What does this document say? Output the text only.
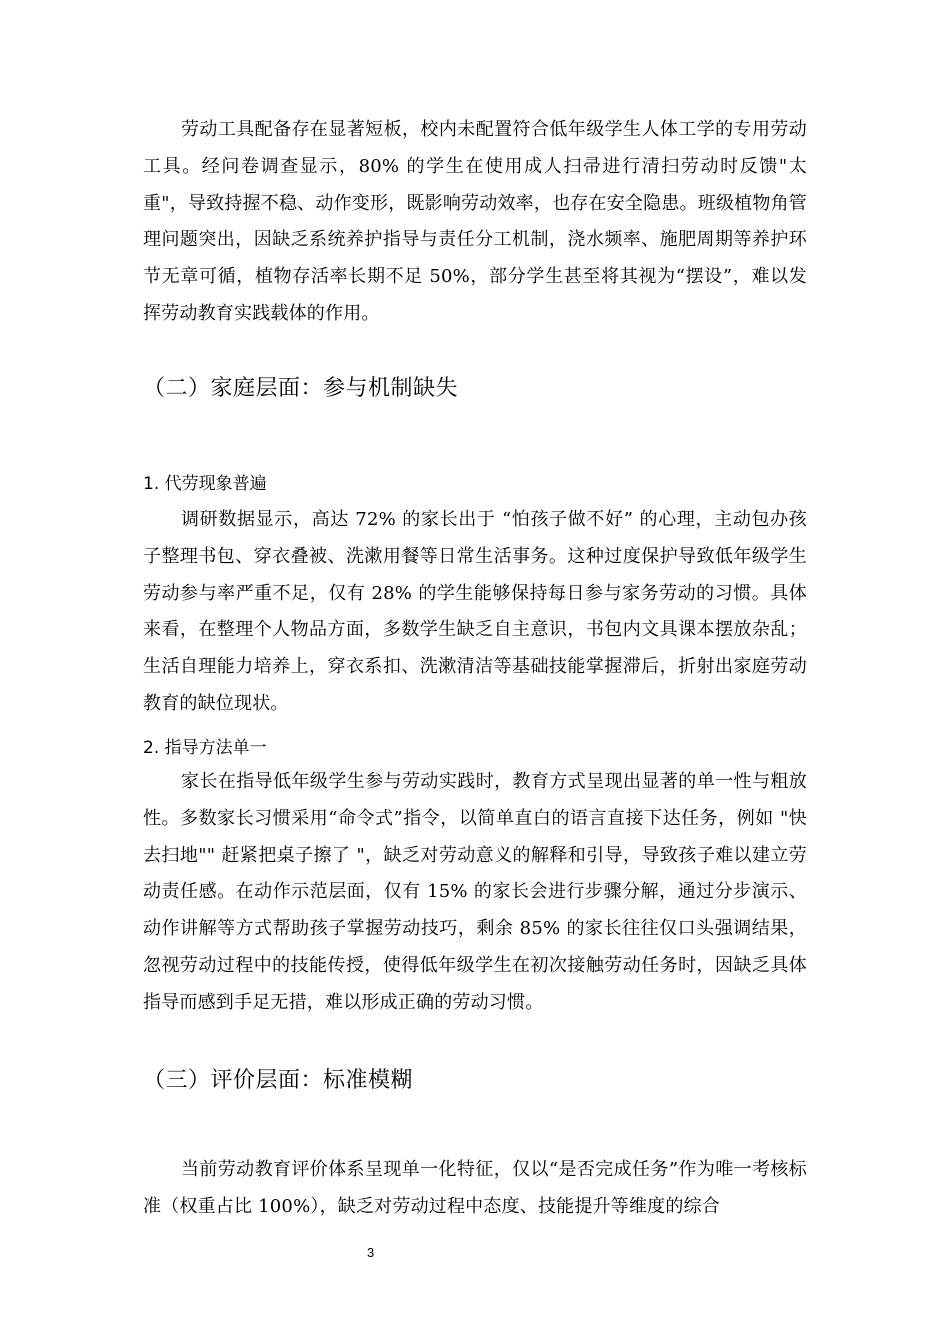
劳动工具配备存在显著短板，校内未配置符合低年级学生人体工学的专用劳动工具。经问卷调查显示，80% 的学生在使用成人扫帚进行清扫劳动时反馈"太重"，导致持握不稳、动作变形，既影响劳动效率，也存在安全隐患。班级植物角管理问题突出，因缺乏系统养护指导与责任分工机制，浇水频率、施肥周期等养护环节无章可循，植物存活率长期不足 50%，部分学生甚至将其视为“摆设”，难以发挥劳动教育实践载体的作用。

（二）家庭层面：参与机制缺失
1. 代劳现象普遍

调研数据显示，高达 72% 的家长出于 “怕孩子做不好” 的心理，主动包办孩子整理书包、穿衣叠被、洗漱用餐等日常生活事务。这种过度保护导致低年级学生劳动参与率严重不足，仅有 28% 的学生能够保持每日参与家务劳动的习惯。具体来看，在整理个人物品方面，多数学生缺乏自主意识，书包内文具课本摆放杂乱；生活自理能力培养上，穿衣系扣、洗漱清洁等基础技能掌握滞后，折射出家庭劳动教育的缺位现状。

2. 指导方法单一

家长在指导低年级学生参与劳动实践时，教育方式呈现出显著的单一性与粗放性。多数家长习惯采用“命令式”指令，以简单直白的语言直接下达任务，例如 "快去扫地"" 赶紧把桌子擦了 "，缺乏对劳动意义的解释和引导，导致孩子难以建立劳动责任感。在动作示范层面，仅有 15% 的家长会进行步骤分解，通过分步演示、动作讲解等方式帮助孩子掌握劳动技巧，剩余 85% 的家长往往仅口头强调结果，忽视劳动过程中的技能传授，使得低年级学生在初次接触劳动任务时，因缺乏具体指导而感到手足无措，难以形成正确的劳动习惯。

（三）评价层面：标准模糊

当前劳动教育评价体系呈现单一化特征，仅以“是否完成任务”作为唯一考核标准（权重占比 100%），缺乏对劳动过程中态度、技能提升等维度的综合

3
